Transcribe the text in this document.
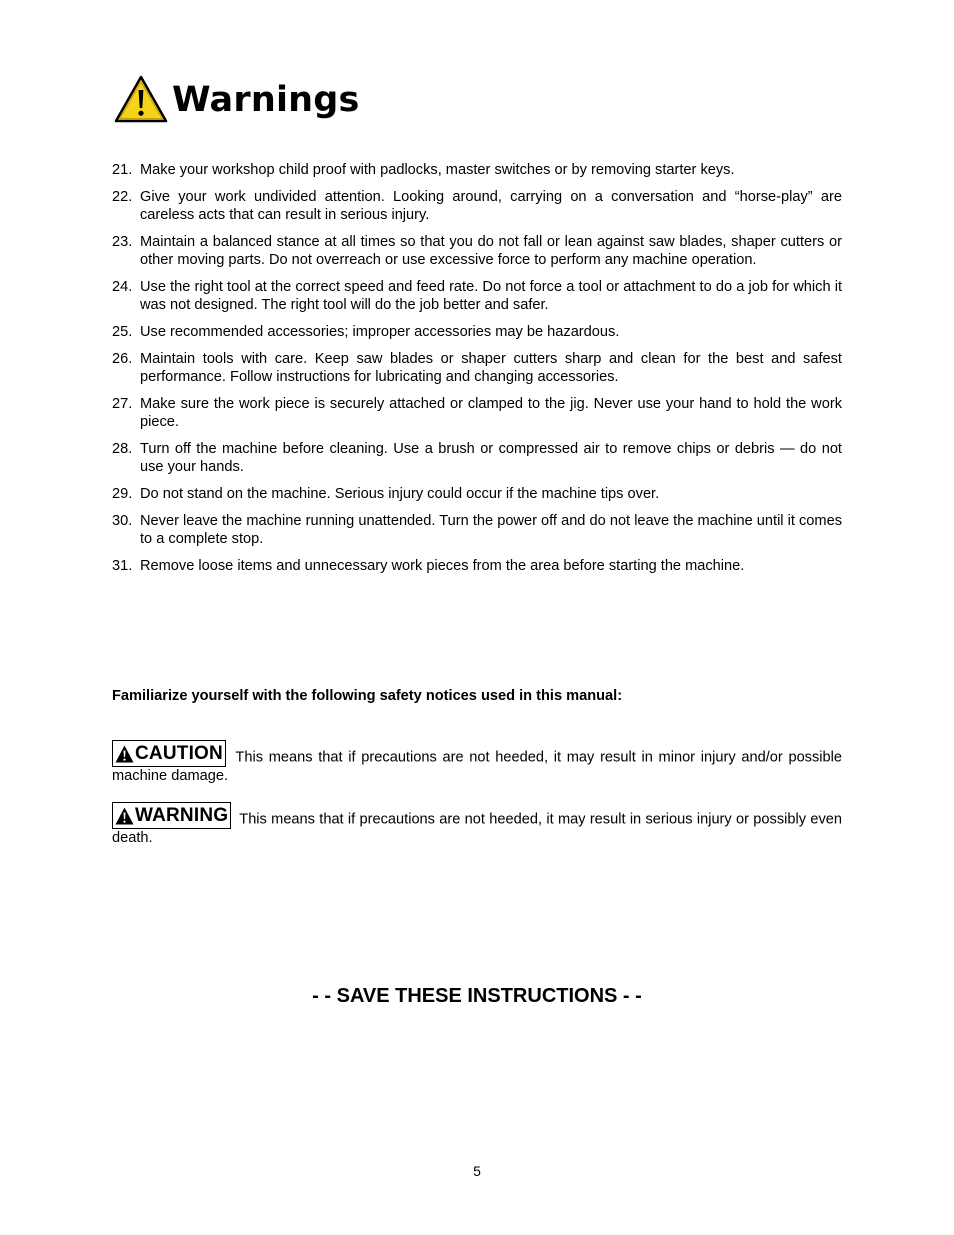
Warnings
21. Make your workshop child proof with padlocks, master switches or by removing starter keys.
22. Give your work undivided attention. Looking around, carrying on a conversation and “horse-play” are careless acts that can result in serious injury.
23. Maintain a balanced stance at all times so that you do not fall or lean against saw blades, shaper cutters or other moving parts. Do not overreach or use excessive force to perform any machine operation.
24. Use the right tool at the correct speed and feed rate. Do not force a tool or attachment to do a job for which it was not designed. The right tool will do the job better and safer.
25. Use recommended accessories; improper accessories may be hazardous.
26. Maintain tools with care. Keep saw blades or shaper cutters sharp and clean for the best and safest performance. Follow instructions for lubricating and changing accessories.
27. Make sure the work piece is securely attached or clamped to the jig. Never use your hand to hold the work piece.
28. Turn off the machine before cleaning. Use a brush or compressed air to remove chips or debris — do not use your hands.
29. Do not stand on the machine. Serious injury could occur if the machine tips over.
30. Never leave the machine running unattended. Turn the power off and do not leave the machine until it comes to a complete stop.
31. Remove loose items and unnecessary work pieces from the area before starting the machine.
Familiarize yourself with the following safety notices used in this manual:
CAUTION This means that if precautions are not heeded, it may result in minor injury and/or possible machine damage.
WARNING This means that if precautions are not heeded, it may result in serious injury or possibly even death.
- - SAVE THESE INSTRUCTIONS - -
5
